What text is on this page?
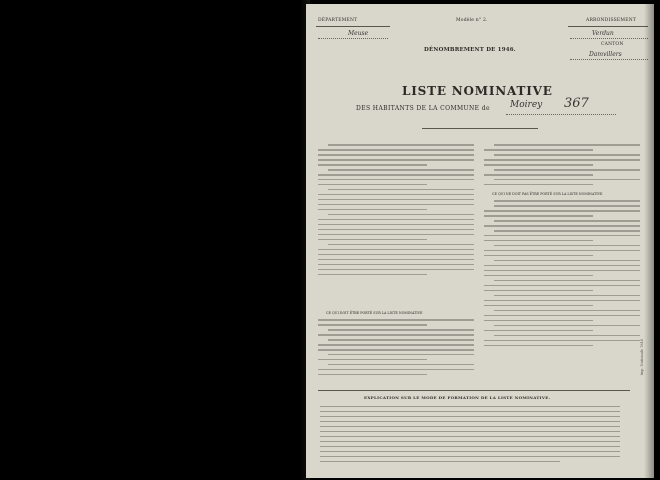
DÉPARTEMENT	Modèle n° 2.	ARRONDISSEMENT
Meuse	Verdun
CANTON
DÉNOMBREMENT DE 1946.
Damvillers
LISTE NOMINATIVE
DES HABITANTS DE LA COMMUNE de Moirey 367
CE QUI DOIT ÊTRE PORTÉ SUR LA LISTE NOMINATIVE
CE QUI NE DOIT PAS ÊTRE PORTÉ SUR LA LISTE NOMINATIVE
EXPLICATION SUR LE MODE DE FORMATION DE LA LISTE NOMINATIVE.
Imp. Nationale 1946
